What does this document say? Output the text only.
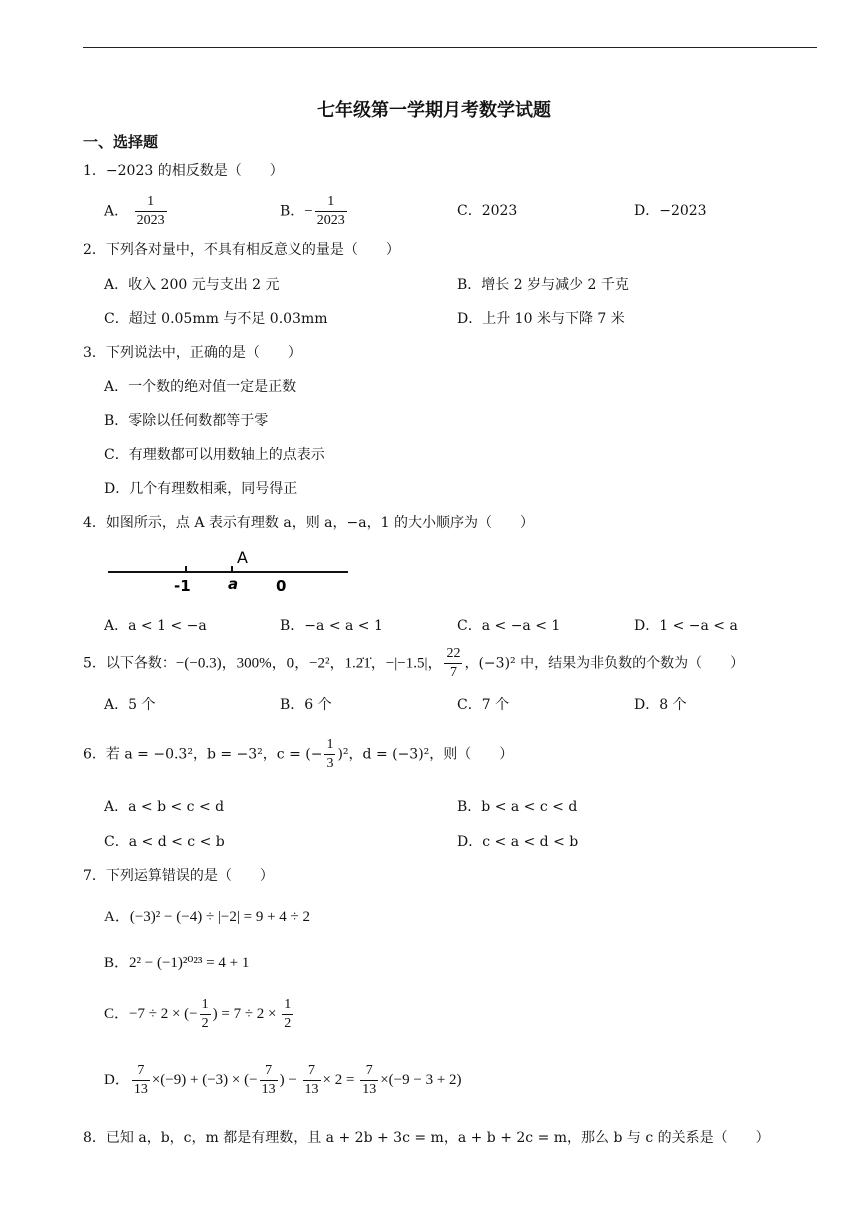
七年级第一学期月考数学试题
一、选择题
1．−2023 的相反数是（　　）
A． $\frac{1}{2023}$	B．− $\frac{1}{2023}$	C．2023	D．−2023
2．下列各对量中，不具有相反意义的量是（　　）
A．收入 200 元与支出 2 元	B．增长 2 岁与减少 2 千克
C．超过 0.05mm 与不足 0.03mm	D．上升 10 米与下降 7 米
3．下列说法中，正确的是（　　）
A．一个数的绝对值一定是正数
B．零除以任何数都等于零
C．有理数都可以用数轴上的点表示
D．几个有理数相乘，同号得正
4．如图所示，点 A 表示有理数 a，则 a，−a，1 的大小顺序为（　　）
A
-1 a	0
A．a < 1 < −a	B．−a < a < 1	C．a < −a < 1	D．1 < −a < a
5．以下各数：−(−0.3)，300%，0，−2²，1.2̇1̇，−|−1.5|， $\frac{22}{7}$ ，(−3)² 中，结果为非负数的个数为（　　）
A．5 个	B．6 个	C．7 个	D．8 个
6．若 a = −0.3²，b = −3²，c = (− $\frac{1}{3} )^2$，d = (−3)²，则（　　）
A．a < b < c < d	B．b < a < c < d
C．a < d < c < b	D．c < a < d < b
7．下列运算错误的是（　　）
A．(−3)² − (−4) ÷ |−2| = 9 + 4 ÷ 2
B．2² − (−1)²⁰²³ = 4 + 1
C．−7 ÷ 2 × (− $\frac{1}{2}$ ) = $7 \div 2 \times \frac{1}{2}$
D． $\frac{7}{13} \times(-9) + (-3)$ × (− $\frac{7}{13}$ ) − $\frac{7}{13} \times 2 = \frac{7}{13} \times(-9 - 3 + 2)$
8．已知 a，b，c，m 都是有理数，且 a + 2b + 3c = m，a + b + 2c = m，那么 b 与 c 的关系是（　　）
